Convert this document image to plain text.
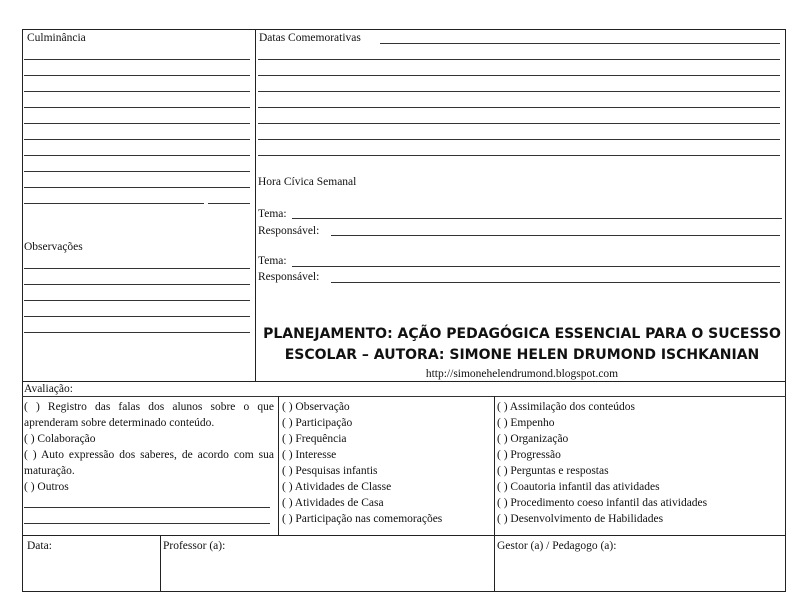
Culminância
Observações
Datas Comemorativas
Hora Cívica Semanal
Tema:
Responsável:
Tema:
Responsável:
PLANEJAMENTO: AÇÃO PEDAGÓGICA ESSENCIAL PARA O SUCESSO
ESCOLAR – AUTORA: SIMONE HELEN DRUMOND ISCHKANIAN
http://simonehelendrumond.blogspot.com
Avaliação:
( ) Registro das falas dos alunos sobre o que aprenderam sobre determinado conteúdo.
( ) Colaboração
( ) Auto expressão dos saberes, de acordo com sua maturação.
( ) Outros
( ) Observação
( ) Participação
( ) Frequência
( ) Interesse
( ) Pesquisas infantis
( ) Atividades de Classe
( ) Atividades de Casa
( ) Participação nas comemorações
( ) Assimilação dos conteúdos
( ) Empenho
( ) Organização
( ) Progressão
( ) Perguntas e respostas
( ) Coautoria infantil das atividades
( ) Procedimento coeso infantil das atividades
( ) Desenvolvimento de Habilidades
Data:	Professor (a):	Gestor (a) / Pedagogo (a):
